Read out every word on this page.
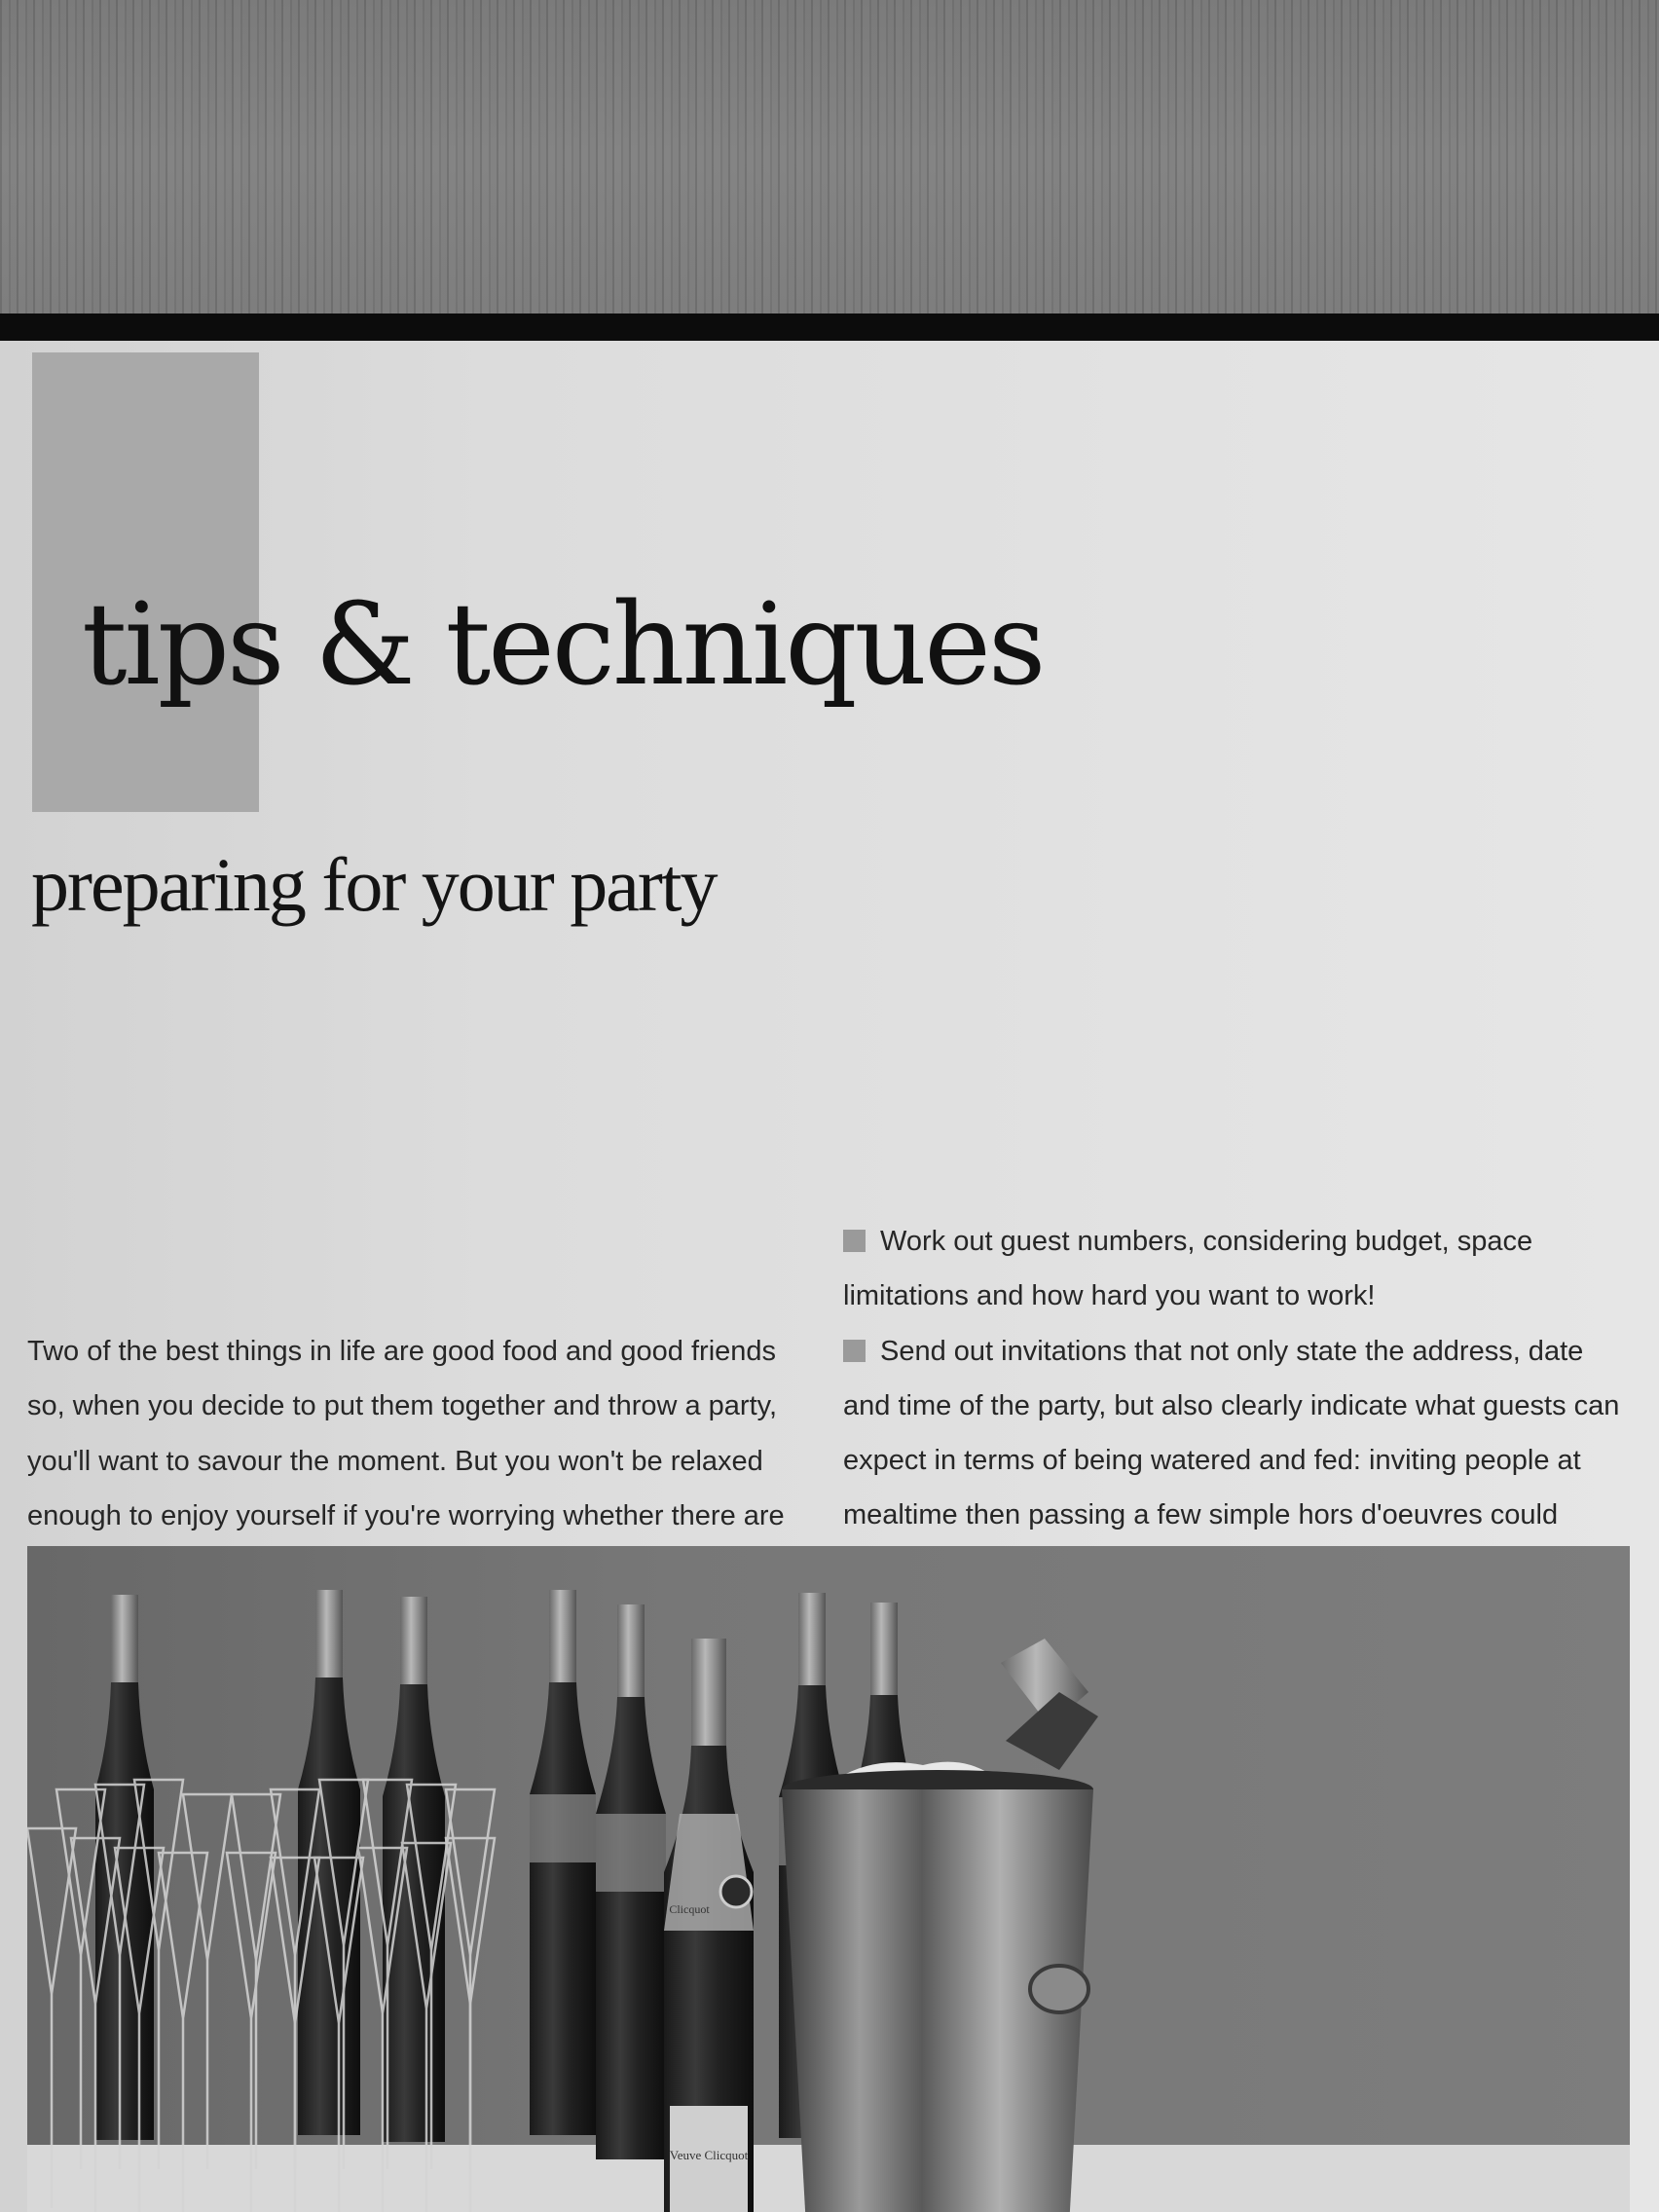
tips & techniques
preparing for your party

Two of the best things in life are good food and good friends so, when you decide to put them together and throw a party, you'll want to savour the moment. But you won't be relaxed enough to enjoy yourself if you're worrying whether there are

Work out guest numbers, considering budget, space limitations and how hard you want to work!

Send out invitations that not only state the address, date and time of the party, but also clearly indicate what guests can expect in terms of being watered and fed: inviting people at mealtime then passing a few simple hors d'oeuvres could

Veuve Clicquot
Clicquot
